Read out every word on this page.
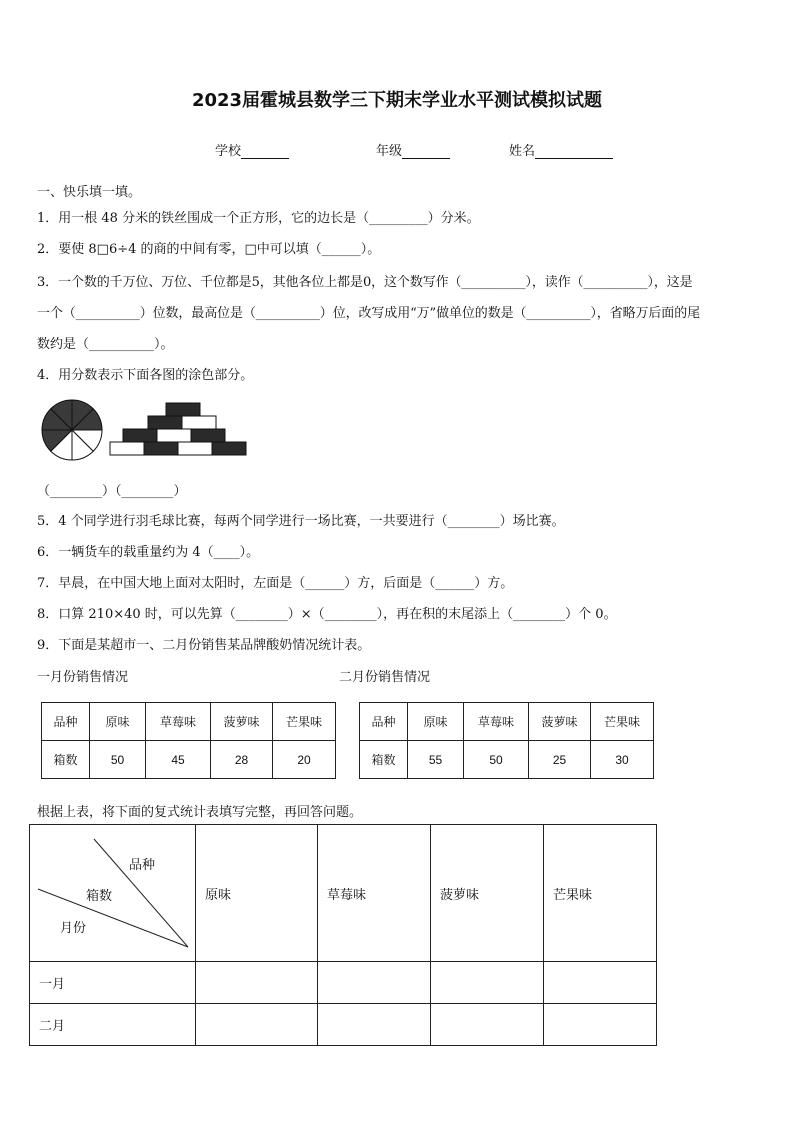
2023届霍城县数学三下期末学业水平测试模拟试题
学校	年级	姓名
一、快乐填一填。
1．用一根 48 分米的铁丝围成一个正方形，它的边长是（_________）分米。
2．要使 8□6÷4 的商的中间有零，□中可以填（______）。
3．一个数的千万位、万位、千位都是5，其他各位上都是0，这个数写作（__________），读作（__________），这是
一个（__________）位数，最高位是（__________）位，改写成用“万”做单位的数是（__________），省略万后面的尾
数约是（__________）。
4．用分数表示下面各图的涂色部分。
（________）（________）
5．4 个同学进行羽毛球比赛，每两个同学进行一场比赛，一共要进行（________）场比赛。
6．一辆货车的载重量约为 4（____）。
7．早晨，在中国大地上面对太阳时，左面是（______）方，后面是（______）方。
8．口算 210×40 时，可以先算（________）×（________），再在积的末尾添上（________）个 0。
9．下面是某超市一、二月份销售某品牌酸奶情况统计表。
一月份销售情况	二月份销售情况
品种	原味	草莓味	菠萝味	芒果味
箱数	50	45	28	20
品种	原味	草莓味	菠萝味	芒果味
箱数	55	50	25	30
根据上表，将下面的复式统计表填写完整，再回答问题。
品种
箱数
月份	原味	草莓味	菠萝味	芒果味
一月				
二月				
